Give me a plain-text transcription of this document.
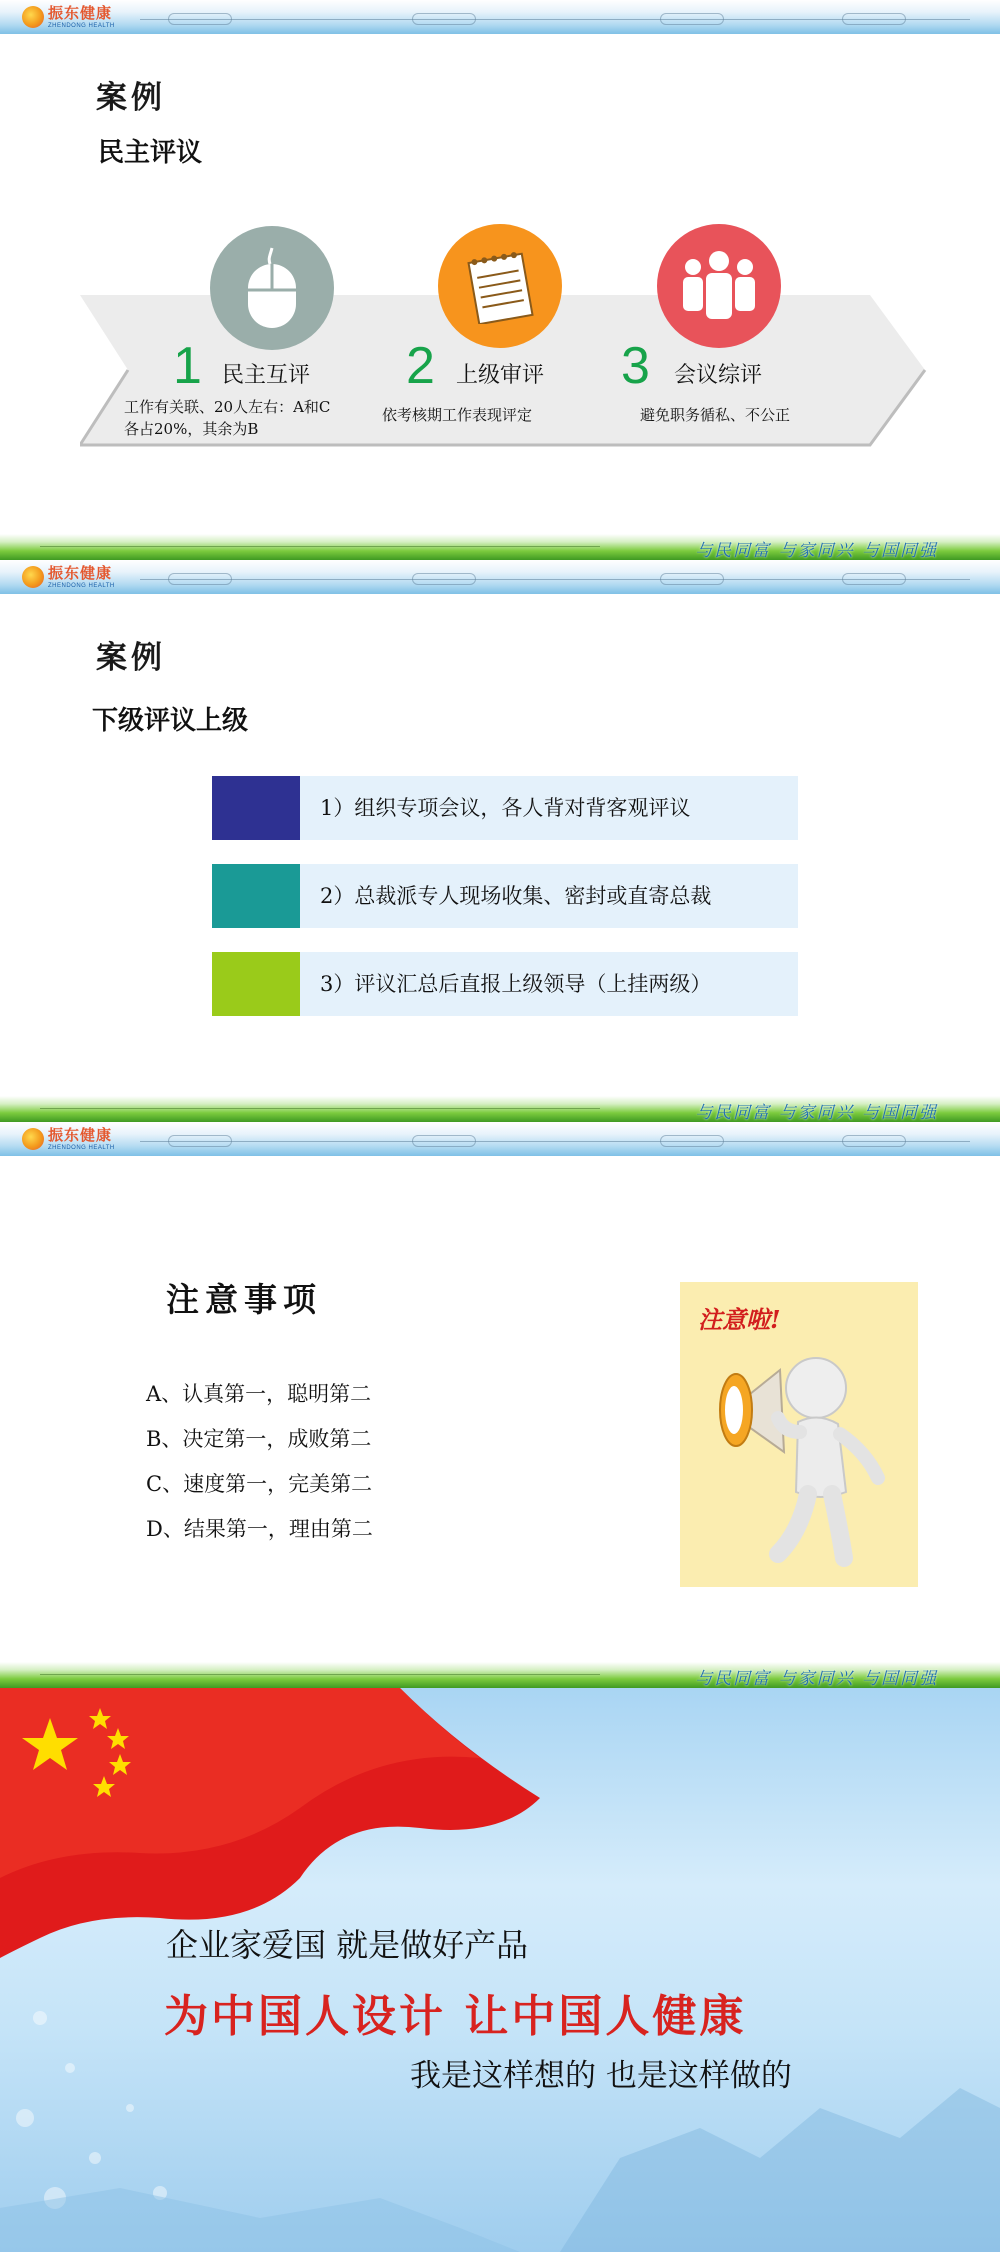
振东健康
ZHENDONG HEALTH
案例
民主评议
1 民主互评
工作有关联、20人左右：A和C
各占20%，其余为B
2 上级审评
依考核期工作表现评定
3 会议综评
避免职务循私、不公正
与民同富 与家同兴 与国同强
振东健康
ZHENDONG HEALTH
案例
下级评议上级
1）组织专项会议，各人背对背客观评议
2）总裁派专人现场收集、密封或直寄总裁
3）评议汇总后直报上级领导（上挂两级）
与民同富 与家同兴 与国同强
振东健康
ZHENDONG HEALTH
注意事项
A、认真第一，聪明第二
B、决定第一，成败第二
C、速度第一，完美第二
D、结果第一，理由第二
注意啦!
与民同富 与家同兴 与国同强
企业家爱国 就是做好产品
为中国人设计 让中国人健康
我是这样想的 也是这样做的
